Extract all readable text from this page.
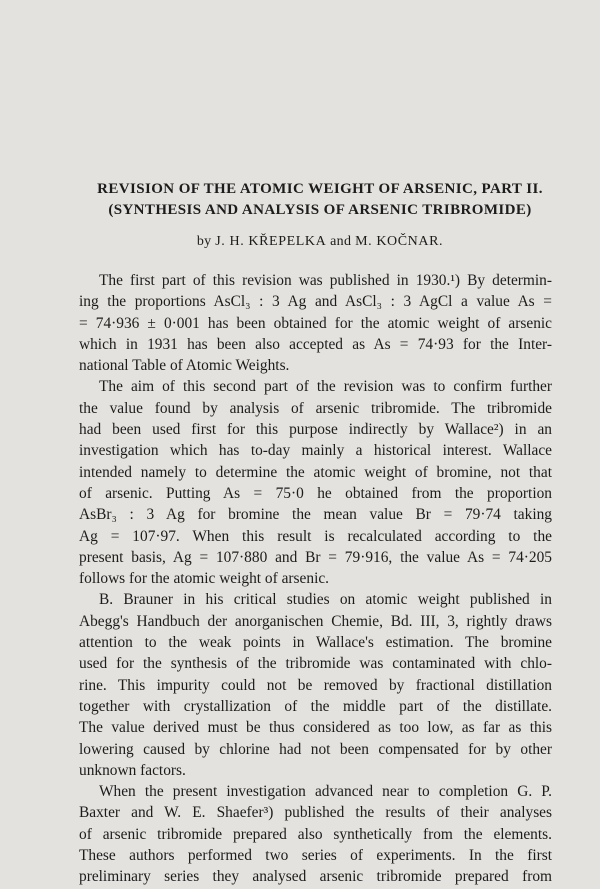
REVISION OF THE ATOMIC WEIGHT OF ARSENIC, PART II.
(SYNTHESIS AND ANALYSIS OF ARSENIC TRIBROMIDE)
by J. H. KŘEPELKA and M. KOČNAR.
The first part of this revision was published in 1930.¹) By determin-
ing the proportions AsCl₃ : 3 Ag and AsCl₃ : 3 AgCl a value As =
= 74·936 ± 0·001 has been obtained for the atomic weight of arsenic
which in 1931 has been also accepted as As = 74·93 for the Inter-
national Table of Atomic Weights.
The aim of this second part of the revision was to confirm further
the value found by analysis of arsenic tribromide. The tribromide
had been used first for this purpose indirectly by Wallace²) in an
investigation which has to-day mainly a historical interest. Wallace
intended namely to determine the atomic weight of bromine, not that
of arsenic. Putting As = 75·0 he obtained from the proportion
AsBr₃ : 3 Ag for bromine the mean value Br = 79·74 taking
Ag = 107·97. When this result is recalculated according to the
present basis, Ag = 107·880 and Br = 79·916, the value As = 74·205
follows for the atomic weight of arsenic.
B. Brauner in his critical studies on atomic weight published in
Abegg's Handbuch der anorganischen Chemie, Bd. III, 3, rightly draws
attention to the weak points in Wallace's estimation. The bromine
used for the synthesis of the tribromide was contaminated with chlo-
rine. This impurity could not be removed by fractional distillation
together with crystallization of the middle part of the distillate.
The value derived must be thus considered as too low, as far as this
lowering caused by chlorine had not been compensated for by other
unknown factors.
When the present investigation advanced near to completion G. P.
Baxter and W. E. Shaefer³) published the results of their analyses
of arsenic tribromide prepared also synthetically from the elements.
These authors performed two series of experiments. In the first
preliminary series they analysed arsenic tribromide prepared from
